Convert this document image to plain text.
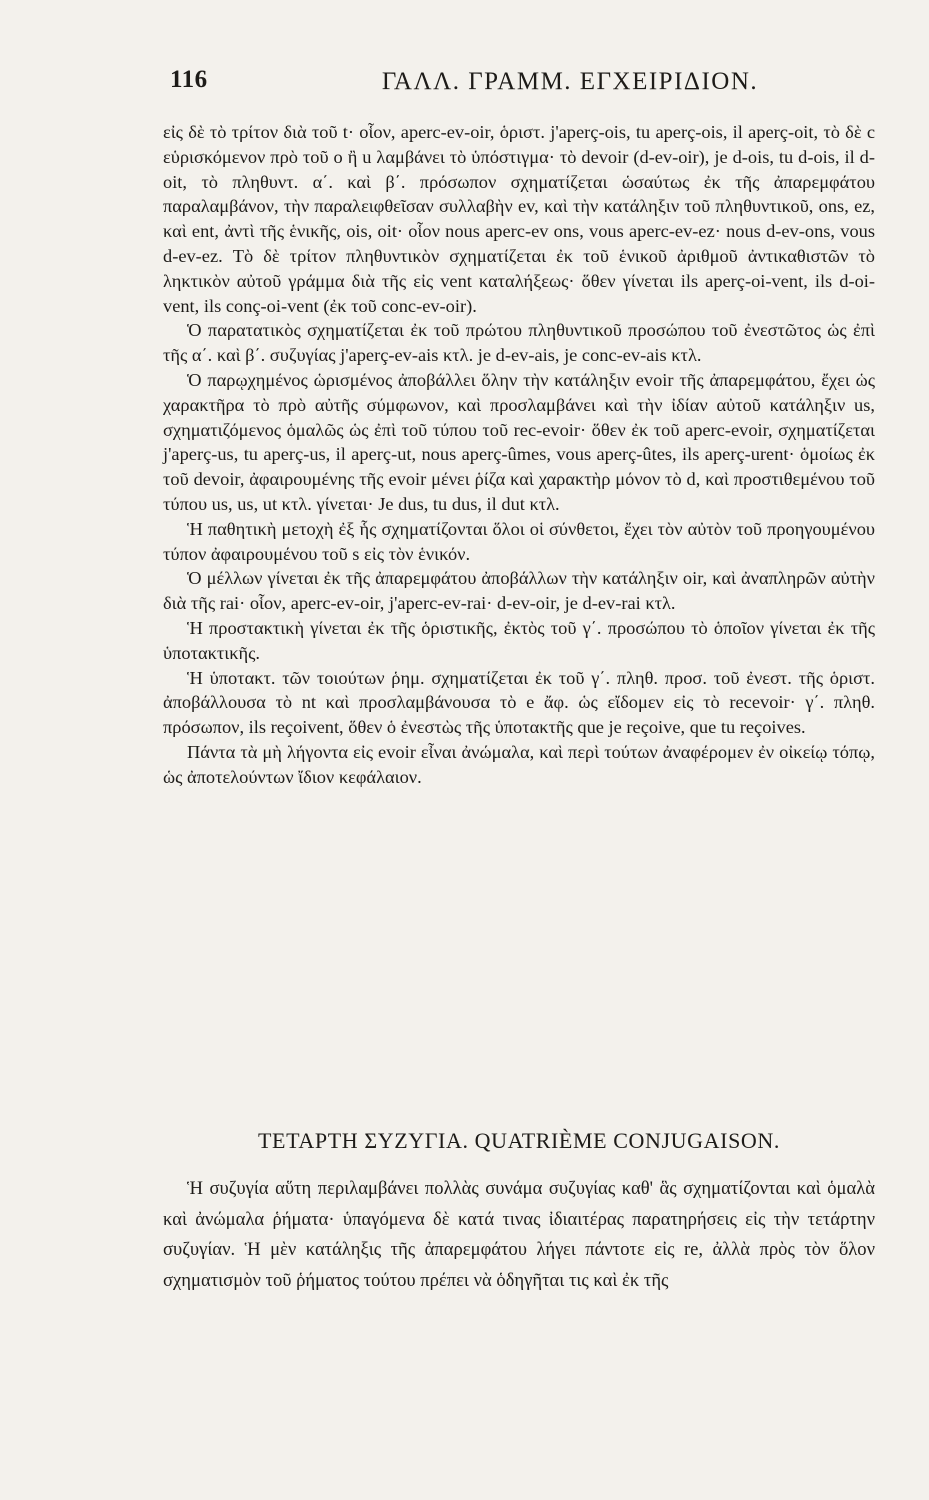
116	ΓΑΛΛ. ΓΡΑΜΜ. ΕΓΧΕΙΡΙΔΙΟΝ.

εἰς δὲ τὸ τρίτον διὰ τοῦ t· οἷον, aperc-ev-oir, ὁριστ. j'aperç-ois, tu aperç-ois, il aperç-oit, τὸ δὲ c εὑρισκόμενον πρὸ τοῦ o ἢ u λαμβάνει τὸ ὑπόστιγμα· τὸ devoir (d-ev-oir), je d-ois, tu d-ois, il d-oit, τὸ πληθυντ. α΄. καὶ β΄. πρόσωπον σχηματίζεται ὡσαύτως ἐκ τῆς ἀπαρεμφάτου παραλαμβάνον, τὴν παραλειφθεῖσαν συλλαβὴν ev, καὶ τὴν κατάληξιν τοῦ πληθυντικοῦ, ons, ez, καὶ ent, ἀντὶ τῆς ἑνικῆς, ois, oit· οἷον nous aperc-ev ons, vous aperc-ev-ez· nous d-ev-ons, vous d-ev-ez. Τὸ δὲ τρίτον πληθυντικὸν σχηματίζεται ἐκ τοῦ ἑνικοῦ ἀριθμοῦ ἀντικαθιστῶν τὸ ληκτικὸν αὐτοῦ γράμμα διὰ τῆς εἰς vent καταλήξεως· ὅθεν γίνεται ils aperç-oi-vent, ils d-oi-vent, ils conç-oi-vent (ἐκ τοῦ conc-ev-oir).

Ὁ παρατατικὸς σχηματίζεται ἐκ τοῦ πρώτου πληθυντικοῦ προσώπου τοῦ ἐνεστῶτος ὡς ἐπὶ τῆς α΄. καὶ β΄. συζυγίας j'aperç-ev-ais κτλ. je d-ev-ais, je conc-ev-ais κτλ.

Ὁ παρῳχημένος ὡρισμένος ἀποβάλλει ὅλην τὴν κατάληξιν evoir τῆς ἀπαρεμφάτου, ἔχει ὡς χαρακτῆρα τὸ πρὸ αὐτῆς σύμφωνον, καὶ προσλαμβάνει καὶ τὴν ἰδίαν αὐτοῦ κατάληξιν us, σχηματιζόμενος ὁμαλῶς ὡς ἐπὶ τοῦ τύπου τοῦ rec-evoir· ὅθεν ἐκ τοῦ aperc-evoir, σχηματίζεται j'aperç-us, tu aperç-us, il aperç-ut, nous aperç-ûmes, vous aperç-ûtes, ils aperç-urent· ὁμοίως ἐκ τοῦ devoir, ἀφαιρουμένης τῆς evoir μένει ῥίζα καὶ χαρακτὴρ μόνον τὸ d, καὶ προστιθεμένου τοῦ τύπου us, us, ut κτλ. γίνεται· Je dus, tu dus, il dut κτλ.

Ἡ παθητικὴ μετοχὴ ἐξ ἧς σχηματίζονται ὅλοι οἱ σύνθετοι, ἔχει τὸν αὐτὸν τοῦ προηγουμένου τύπον ἀφαιρουμένου τοῦ s εἰς τὸν ἑνικόν.

Ὁ μέλλων γίνεται ἐκ τῆς ἀπαρεμφάτου ἀποβάλλων τὴν κατάληξιν oir, καὶ ἀναπληρῶν αὐτὴν διὰ τῆς rai· οἷον, aperc-ev-oir, j'aperc-ev-rai· d-ev-oir, je d-ev-rai κτλ.

Ἡ προστακτικὴ γίνεται ἐκ τῆς ὁριστικῆς, ἐκτὸς τοῦ γ΄. προσώπου τὸ ὁποῖον γίνεται ἐκ τῆς ὑποτακτικῆς.

Ἡ ὑποτακτ. τῶν τοιούτων ῥημ. σχηματίζεται ἐκ τοῦ γ΄. πληθ. προσ. τοῦ ἐνεστ. τῆς ὁριστ. ἀποβάλλουσα τὸ nt καὶ προσλαμβάνουσα τὸ e ἄφ. ὡς εἴδομεν εἰς τὸ recevoir· γ΄. πληθ. πρόσωπον, ils reçoivent, ὅθεν ὁ ἐνεστὼς τῆς ὑποτακτῆς que je reçoive, que tu reçoives.

Πάντα τὰ μὴ λήγοντα εἰς evoir εἶναι ἀνώμαλα, καὶ περὶ τούτων ἀναφέρομεν ἐν οἰκείῳ τόπῳ, ὡς ἀποτελούντων ἴδιον κεφάλαιον.

ΤΕΤΑΡΤΗ ΣΥΖΥΓΙΑ. QUATRIÈME CONJUGAISON.

Ἡ συζυγία αὕτη περιλαμβάνει πολλὰς συνάμα συζυγίας καθ' ἃς σχηματίζονται καὶ ὁμαλὰ καὶ ἀνώμαλα ῥήματα· ὑπαγόμενα δὲ κατά τινας ἰδιαιτέρας παρατηρήσεις εἰς τὴν τετάρτην συζυγίαν. Ἡ μὲν κατάληξις τῆς ἀπαρεμφάτου λήγει πάντοτε εἰς re, ἀλλὰ πρὸς τὸν ὅλον σχηματισμὸν τοῦ ῥήματος τούτου πρέπει νὰ ὁδηγῆται τις καὶ ἐκ τῆς
